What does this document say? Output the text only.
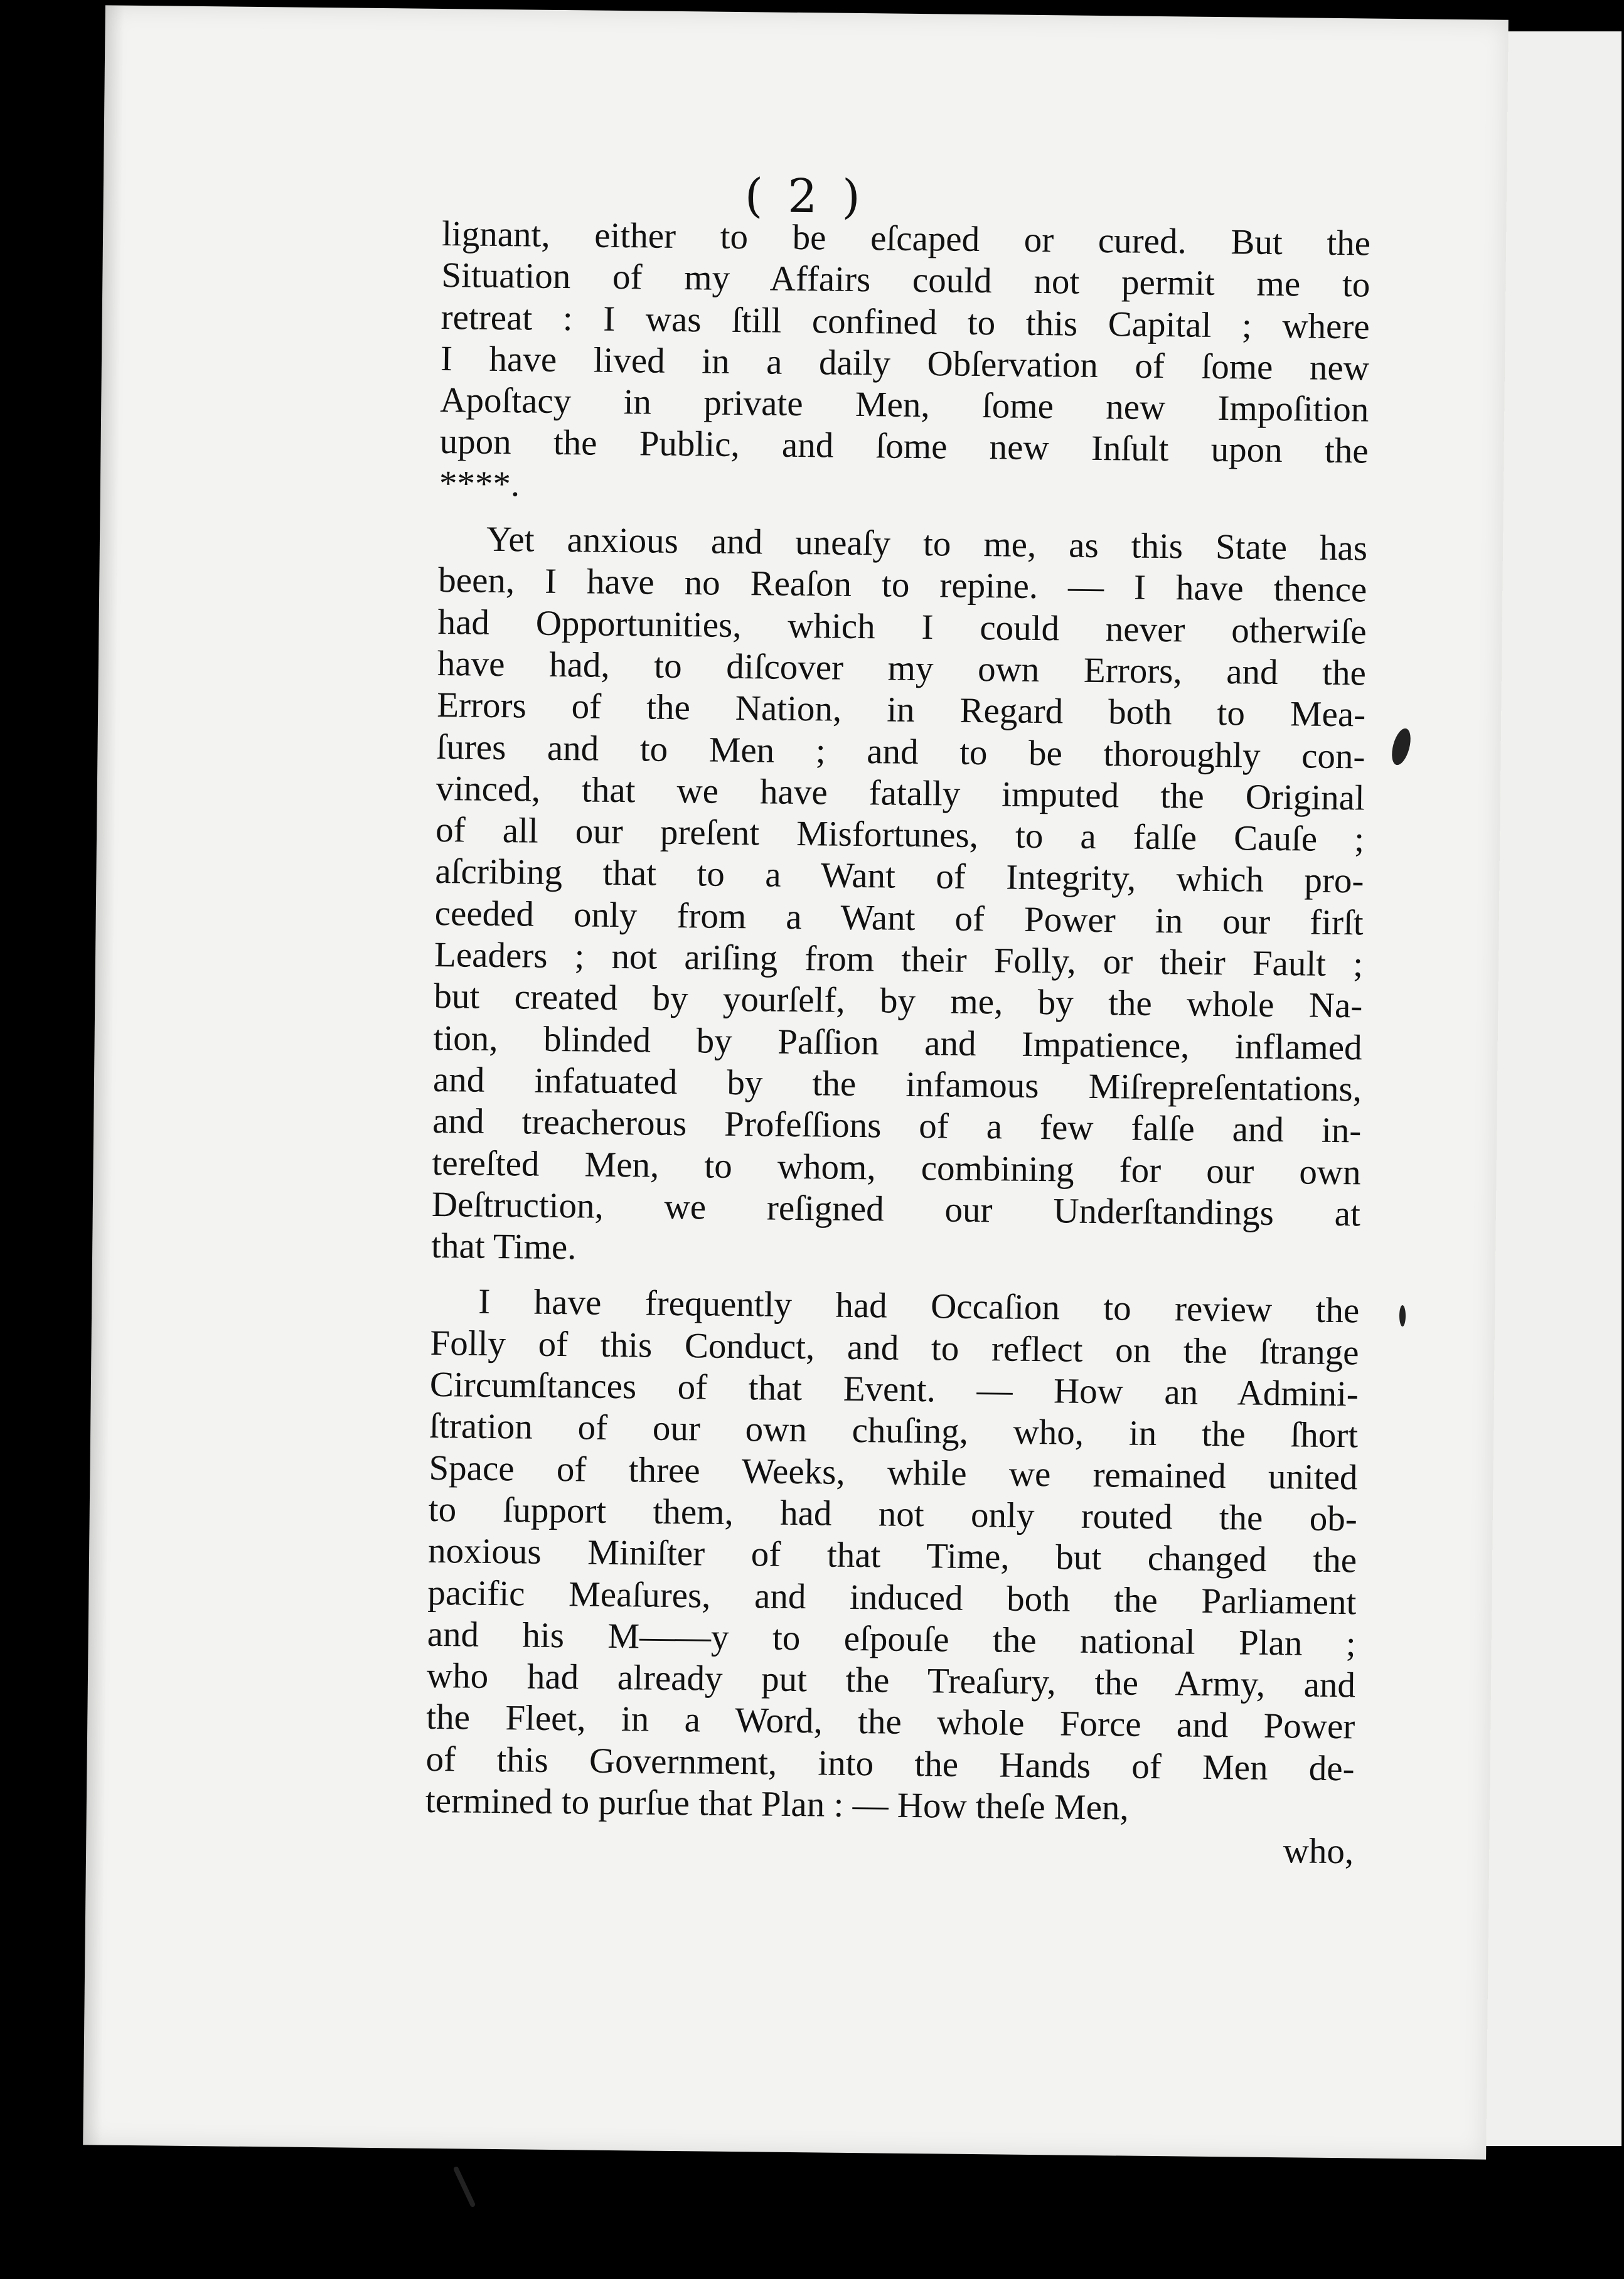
( 2 )
lignant, either to be eſcaped or cured. But the
Situation of my Affairs could not permit me to
retreat : I was ſtill confined to this Capital ; where
I have lived in a daily Obſervation of ſome new
Apoſtacy in private Men, ſome new Impoſition
upon the Public, and ſome new Inſult upon the
****.
Yet anxious and uneaſy to me, as this State has
been, I have no Reaſon to repine. — I have thence
had Opportunities, which I could never otherwiſe
have had, to diſcover my own Errors, and the
Errors of the Nation, in Regard both to Mea-
ſures and to Men ; and to be thoroughly con-
vinced, that we have fatally imputed the Original
of all our preſent Misfortunes, to a falſe Cauſe ;
aſcribing that to a Want of Integrity, which pro-
ceeded only from a Want of Power in our firſt
Leaders ; not ariſing from their Folly, or their Fault ;
but created by yourſelf, by me, by the whole Na-
tion, blinded by Paſſion and Impatience, inflamed
and infatuated by the infamous Miſrepreſentations,
and treacherous Profeſſions of a few falſe and in-
tereſted Men, to whom, combining for our own
Deſtruction, we reſigned our Underſtandings at
that Time.
I have frequently had Occaſion to review the
Folly of this Conduct, and to reflect on the ſtrange
Circumſtances of that Event. — How an Admini-
ſtration of our own chuſing, who, in the ſhort
Space of three Weeks, while we remained united
to ſupport them, had not only routed the ob-
noxious Miniſter of that Time, but changed the
pacific Meaſures, and induced both the Parliament
and his M——y to eſpouſe the national Plan ;
who had already put the Treaſury, the Army, and
the Fleet, in a Word, the whole Force and Power
of this Government, into the Hands of Men de-
termined to purſue that Plan : — How theſe Men,
who,
